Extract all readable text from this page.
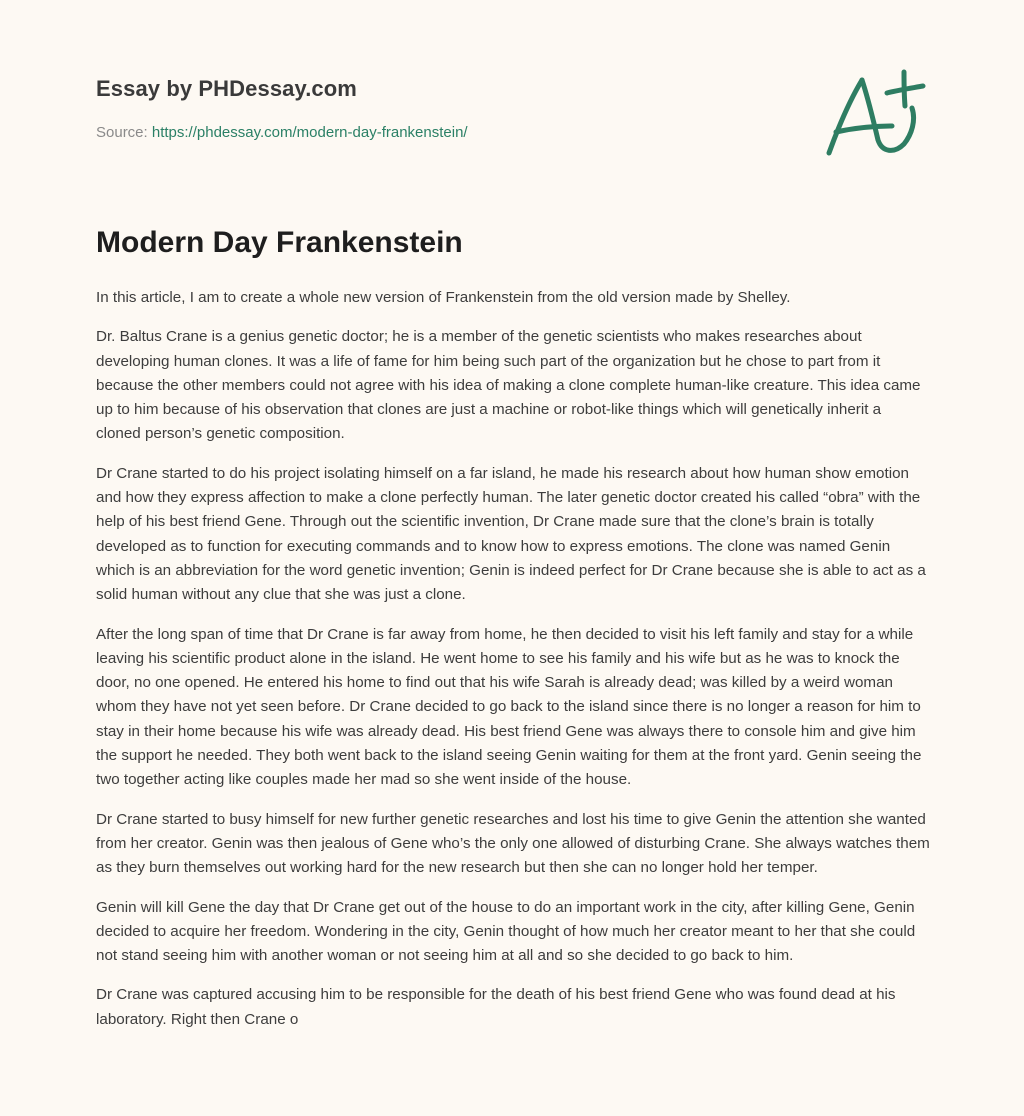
Essay by PHDessay.com
Source: https://phdessay.com/modern-day-frankenstein/
Modern Day Frankenstein

In this article, I am to create a whole new version of Frankenstein from the old version made by Shelley.

Dr. Baltus Crane is a genius genetic doctor; he is a member of the genetic scientists who makes researches about developing human clones. It was a life of fame for him being such part of the organization but he chose to part from it because the other members could not agree with his idea of making a clone complete human-like creature. This idea came up to him because of his observation that clones are just a machine or robot-like things which will genetically inherit a cloned person’s genetic composition.

Dr Crane started to do his project isolating himself on a far island, he made his research about how human show emotion and how they express affection to make a clone perfectly human. The later genetic doctor created his called “obra” with the help of his best friend Gene. Through out the scientific invention, Dr Crane made sure that the clone’s brain is totally developed as to function for executing commands and to know how to express emotions. The clone was named Genin which is an abbreviation for the word genetic invention; Genin is indeed perfect for Dr Crane because she is able to act as a solid human without any clue that she was just a clone.

After the long span of time that Dr Crane is far away from home, he then decided to visit his left family and stay for a while leaving his scientific product alone in the island. He went home to see his family and his wife but as he was to knock the door, no one opened. He entered his home to find out that his wife Sarah is already dead; was killed by a weird woman whom they have not yet seen before. Dr Crane decided to go back to the island since there is no longer a reason for him to stay in their home because his wife was already dead. His best friend Gene was always there to console him and give him the support he needed. They both went back to the island seeing Genin waiting for them at the front yard. Genin seeing the two together acting like couples made her mad so she went inside of the house.

Dr Crane started to busy himself for new further genetic researches and lost his time to give Genin the attention she wanted from her creator. Genin was then jealous of Gene who’s the only one allowed of disturbing Crane. She always watches them as they burn themselves out working hard for the new research but then she can no longer hold her temper.

Genin will kill Gene the day that Dr Crane get out of the house to do an important work in the city, after killing Gene, Genin decided to acquire her freedom. Wondering in the city, Genin thought of how much her creator meant to her that she could not stand seeing him with another woman or not seeing him at all and so she decided to go back to him.

Dr Crane was captured accusing him to be responsible for the death of his best friend Gene who was found dead at his laboratory. Right then Crane o
